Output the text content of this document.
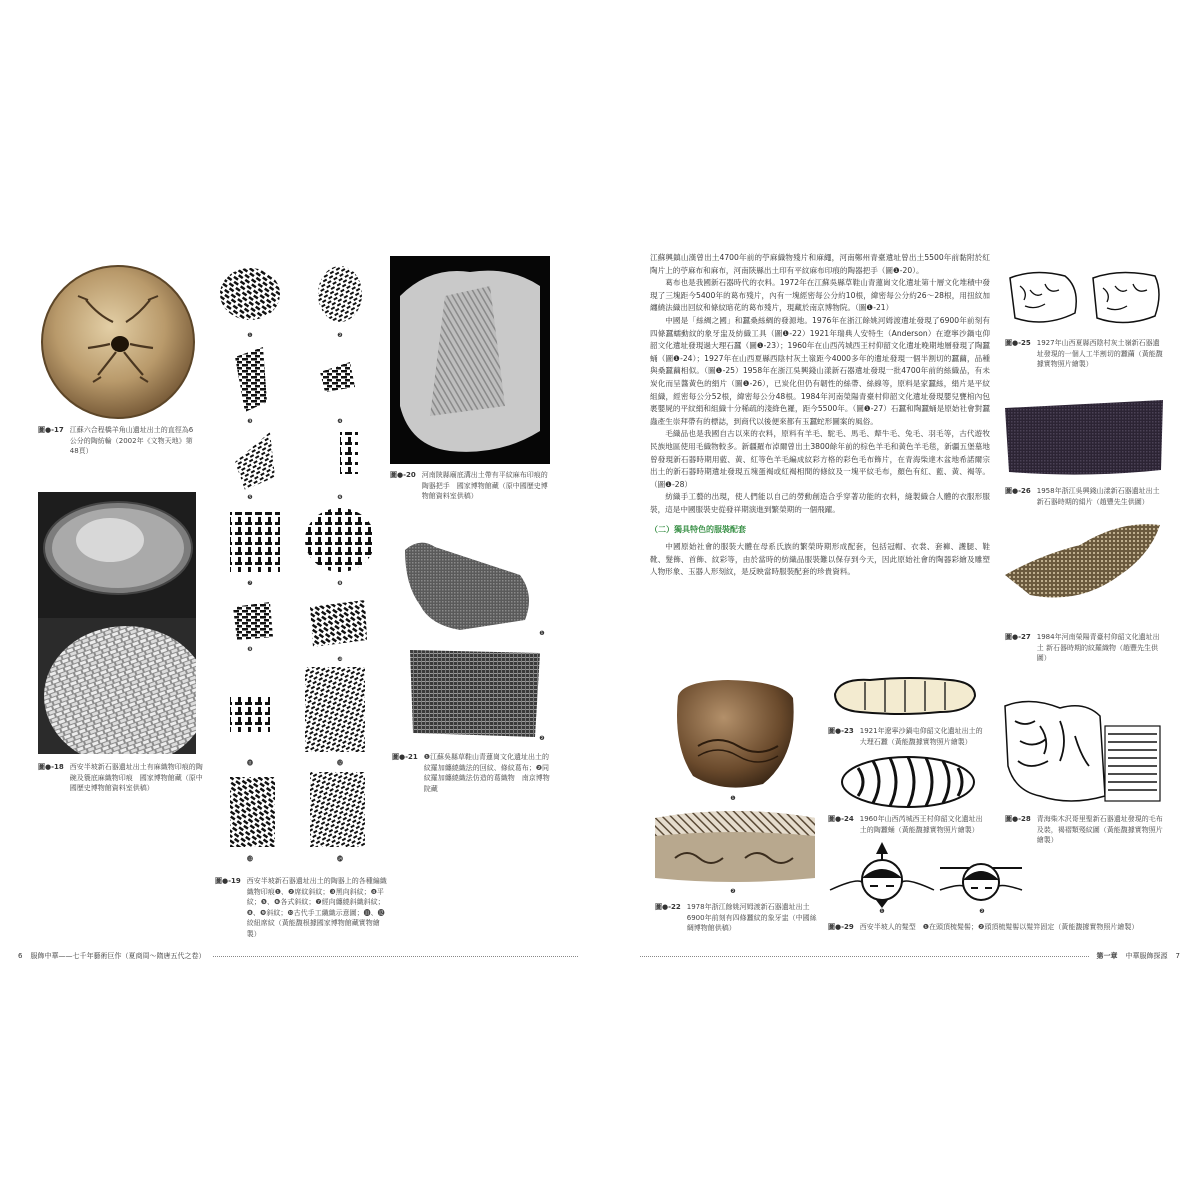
圖●-17 江蘇六合程橋羊角山遺址出土的直徑為6公分的陶紡輪（2002年《文物天地》第48頁）
圖●-18 西安半坡新石器遺址出土有麻織物印痕的陶碗及簑底麻織物印痕　國家博物館藏（原中國歷史博物館資料室供稿）
❶	❷
❸	❹
❺	❻
❼	❽
❾
❿
⓫	⓬
⓭	⓮
圖●-19 西安半坡新石器遺址出土的陶器上的各種編織織物印痕❶、❷席紋斜紋；❸黑向斜紋；❹平紋；❺、❻各式斜紋；❼經向纏繞斜織斜紋；❽、❾斜紋；❿古代手工纖織示意圖；⓫、⓬絞紐席紋（黃能馥根據國家博物館藏實物繪製）
圖●-20 河南陝縣廟底溝出土帶有平紋麻布印痕的陶器把手　國家博物館藏（原中國歷史博物館資料室供稿）
❶
❷
圖●-21 ❶江蘇吳縣草鞋山青蓮崗文化遺址出土的紋羅加纏繞織法的回紋、條紋葛布；❷同紋羅加纏繞織法仿造的葛織物　南京博物院藏
6 服飾中華——七千年藝術巨作（夏商周～隋唐五代之卷）

江蘇興鎮山漢曾出土4700年前的苧麻織物殘片和麻繩，河南鄭州青臺遺址曾出土5500年前黏附於紅陶片上的苧麻布和麻布，河南陝縣出土印有平紋麻布印痕的陶器把手（圖❶-20）。

葛布也是我國新石器時代的衣料。1972年在江蘇吳縣草鞋山青蓮崗文化遺址第十層文化堆積中發現了三塊距今5400年的葛布殘片，內有一塊經密每公分約10根，緯密每公分約26～28根，用扭紋加纏繞法織出回紋和條紋暗花的葛布殘片，現藏於南京博物院。（圖❶-21）

中國是「絲綢之國」和蠶桑絲綢的發源地。1976年在浙江餘姚河姆渡遺址發現了6900年前刻有四條蠶蠕動紋的象牙盅及紡織工具（圖❶-22）1921年瑞典人安特生（Anderson）在遼寧沙鍋屯仰韶文化遺址發現過大理石蠶（圖❶-23）；1960年在山西芮城西王村仰韶文化遺址晚期地層發現了陶蠶蛹（圖❶-24）；1927年在山西夏縣西陰村灰土嶺距今4000多年的遺址發現一個半割切的蠶繭，品種與桑蠶繭相似。（圖❶-25）1958年在浙江吳興錢山漾新石器遺址發現一批4700年前的絲織品，有未炭化而呈醬黃色的絹片（圖❶-26），已炭化但仍有韌性的絲帶、絲線等，原料是家蠶絲，絹片是平紋組織，經密每公分52根，緯密每公分48根。1984年河南榮陽青臺村仰韶文化遺址發現嬰兒甕棺內包裹嬰屍的平紋絹和組織十分稀疏的淺絳色羅，距今5500年。（圖❶-27）石蠶和陶蠶蛹是原始社會對蠶蟲產生崇拜帶有的標誌，到商代以後便來都有玉蠶蛇形圖案的風俗。

毛織品也是我國自古以來的衣料，原料有羊毛、駝毛、馬毛、犛牛毛、兔毛、羽毛等，古代遊牧民族地區使用毛織物較多。新疆羅布淖爾曾出土3800餘年前的棕色羊毛和黃色羊毛毯，新疆五堡墓地曾發現新石器時期用藍、黃、紅等色羊毛編成紋彩方格的彩色毛布飾片，在青海柴達木盆地希諾爾宗出土的新石器時期遺址發現五塊蛋褐或紅褐相間的條紋及一塊平紋毛布，顏色有紅、藍、黃、褐等。（圖❶-28）

紡織手工藝的出現，使人們能以自己的勞動創造合乎穿著功能的衣料，縫製織合人體的衣服形服裝，這是中國服裝史從發祥期演進到繁榮期的一個飛躍。

（二）獨具特色的服裝配套

中國原始社會的服裝大體在母系氏族的繁榮時期形成配套，包括冠帽、衣裳、套褲、護腿、鞋靴、髮飾、首飾、紋彩等，由於當時的紡織品服裝難以保存到今天，因此原始社會的陶器彩繪及雕塑人物形象、玉器人形刻紋，是反映當時服裝配套的珍貴資料。

圖●-25 1927年山西夏縣西陰村灰土嶺新石器遺址發現的一個人工半割切的蠶繭（黃能馥據實物照片繪製）
圖●-26 1958年浙江吳興錢山漾新石器遺址出土新石器時期的絹片（趙豐先生供圖）
圖●-27 1984年河南榮陽青臺村仰韶文化遺址出土 新石器時期的紋羅織物（趙豐先生供圖）
❶
❷
圖●-22 1978年浙江餘姚河姆渡新石器遺址出土 6900年前刻有四條蠶紋的象牙盅（中國絲綢博物館供稿）
圖●-23 1921年遼寧沙鍋屯仰韶文化遺址出土的大理石蠶（黃能馥據實物照片繪製）
圖●-24 1960年山西芮城西王村仰韶文化遺址出土的陶蠶蛹（黃能馥據實物照片繪製）
圖●-28 青海柴木沢哥里聖新石器遺址發現的毛布及裝，褐褶類殘紋圖（黃能馥據實物照片繪製）
❶	❷
圖●-29 西安半坡人的髮型　❶在頭頂梳髮髻；❷頭頂梳髮髻以髮笄固定（黃能馥據實物照片繪製）
第一章 中華服飾探源 7
